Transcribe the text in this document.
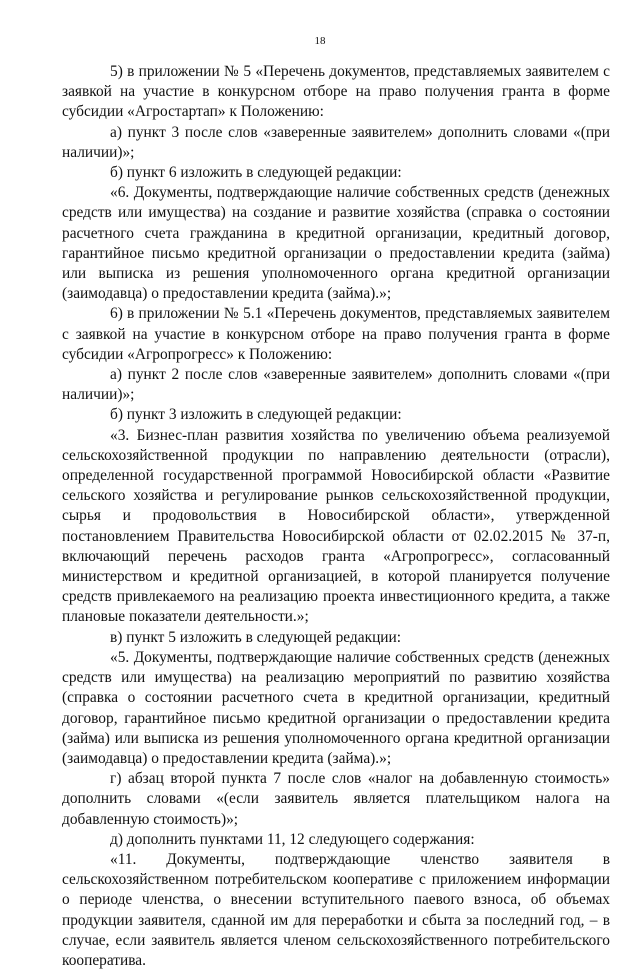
18

5) в приложении № 5 «Перечень документов, представляемых заявителем с заявкой на участие в конкурсном отборе на право получения гранта в форме субсидии «Агростартап» к Положению:

а) пункт 3 после слов «заверенные заявителем» дополнить словами «(при наличии)»;

б) пункт 6 изложить в следующей редакции:

«6. Документы, подтверждающие наличие собственных средств (денежных средств или имущества) на создание и развитие хозяйства (справка о состоянии расчетного счета гражданина в кредитной организации, кредитный договор, гарантийное письмо кредитной организации о предоставлении кредита (займа) или выписка из решения уполномоченного органа кредитной организации (заимодавца) о предоставлении кредита (займа).»;

6) в приложении № 5.1 «Перечень документов, представляемых заявителем с заявкой на участие в конкурсном отборе на право получения гранта в форме субсидии «Агропрогресс» к Положению:

а) пункт 2 после слов «заверенные заявителем» дополнить словами «(при наличии)»;

б) пункт 3 изложить в следующей редакции:

«3. Бизнес-план развития хозяйства по увеличению объема реализуемой сельскохозяйственной продукции по направлению деятельности (отрасли), определенной государственной программой Новосибирской области «Развитие сельского хозяйства и регулирование рынков сельскохозяйственной продукции, сырья и продовольствия в Новосибирской области», утвержденной постановлением Правительства Новосибирской области от 02.02.2015 № 37-п, включающий перечень расходов гранта «Агропрогресс», согласованный министерством и кредитной организацией, в которой планируется получение средств привлекаемого на реализацию проекта инвестиционного кредита, а также плановые показатели деятельности.»;

в) пункт 5 изложить в следующей редакции:

«5. Документы, подтверждающие наличие собственных средств (денежных средств или имущества) на реализацию мероприятий по развитию хозяйства (справка о состоянии расчетного счета в кредитной организации, кредитный договор, гарантийное письмо кредитной организации о предоставлении кредита (займа) или выписка из решения уполномоченного органа кредитной организации (заимодавца) о предоставлении кредита (займа).»;

г) абзац второй пункта 7 после слов «налог на добавленную стоимость» дополнить словами «(если заявитель является плательщиком налога на добавленную стоимость)»;

д) дополнить пунктами 11, 12 следующего содержания:

«11. Документы, подтверждающие членство заявителя в сельскохозяйственном потребительском кооперативе с приложением информации о периоде членства, о внесении вступительного паевого взноса, об объемах продукции заявителя, сданной им для переработки и сбыта за последний год, – в случае, если заявитель является членом сельскохозяйственного потребительского кооператива.
